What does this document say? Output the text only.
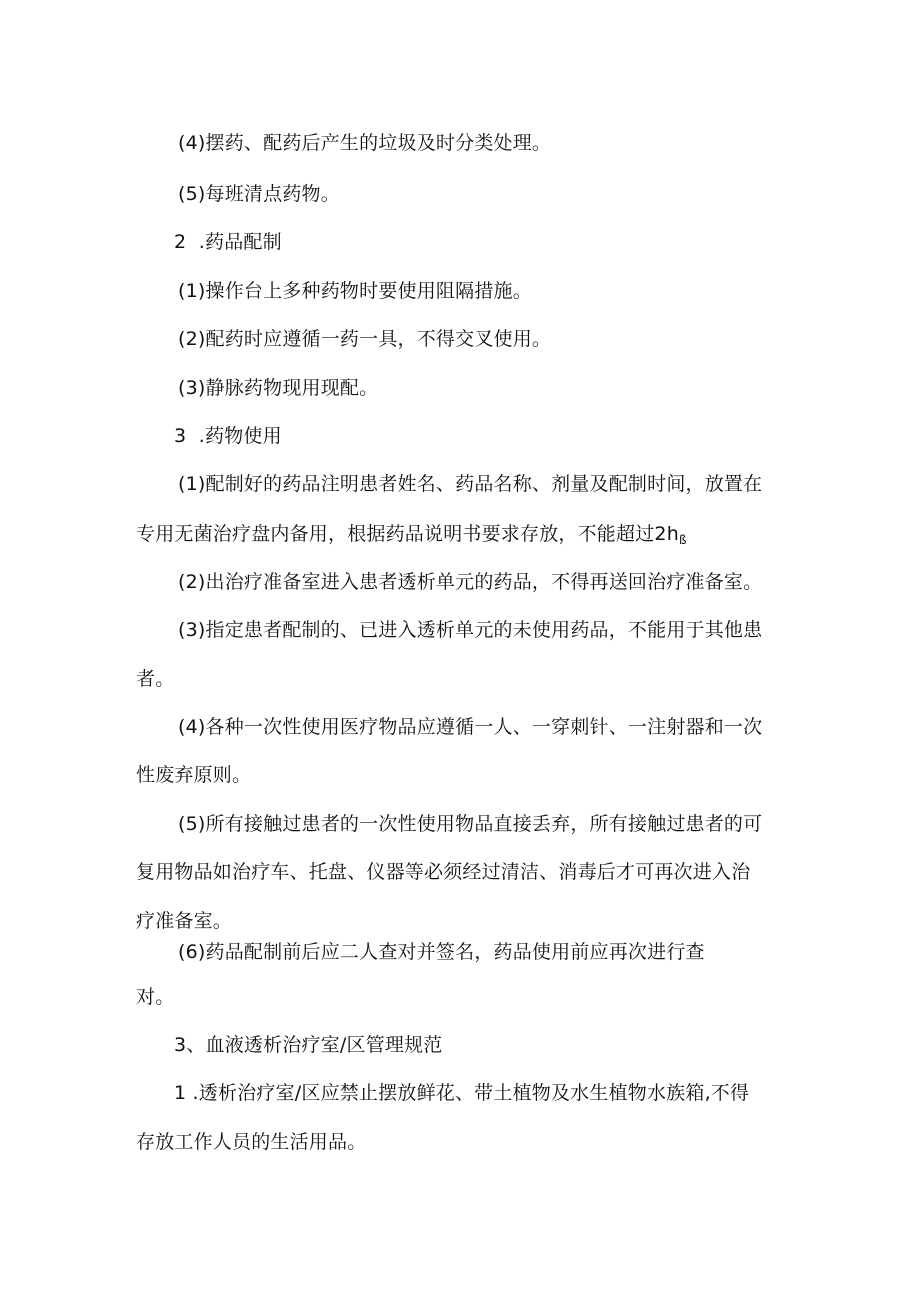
(4)摆药、配药后产生的垃圾及时分类处理。
(5)每班清点药物。
2  .药品配制
(1)操作台上多种药物时要使用阻隔措施。
(2)配药时应遵循一药一具，不得交叉使用。
(3)静脉药物现用现配。
3  .药物使用
(1)配制好的药品注明患者姓名、药品名称、剂量及配制时间，放置在
专用无菌治疗盘内备用，根据药品说明书要求存放，不能超过$2h_ß$
(2)出治疗准备室进入患者透析单元的药品，不得再送回治疗准备室。
(3)指定患者配制的、已进入透析单元的未使用药品，不能用于其他患
者。
(4)各种一次性使用医疗物品应遵循一人、一穿刺针、一注射器和一次
性废弃原则。
(5)所有接触过患者的一次性使用物品直接丢弃，所有接触过患者的可
复用物品如治疗车、托盘、仪器等必须经过清洁、消毒后才可再次进入治
疗准备室。
(6)药品配制前后应二人查对并签名，药品使用前应再次进行查
对。
3、血液透析治疗室/区管理规范
1 .透析治疗室/区应禁止摆放鲜花、带土植物及水生植物水族箱,不得
存放工作人员的生活用品。
